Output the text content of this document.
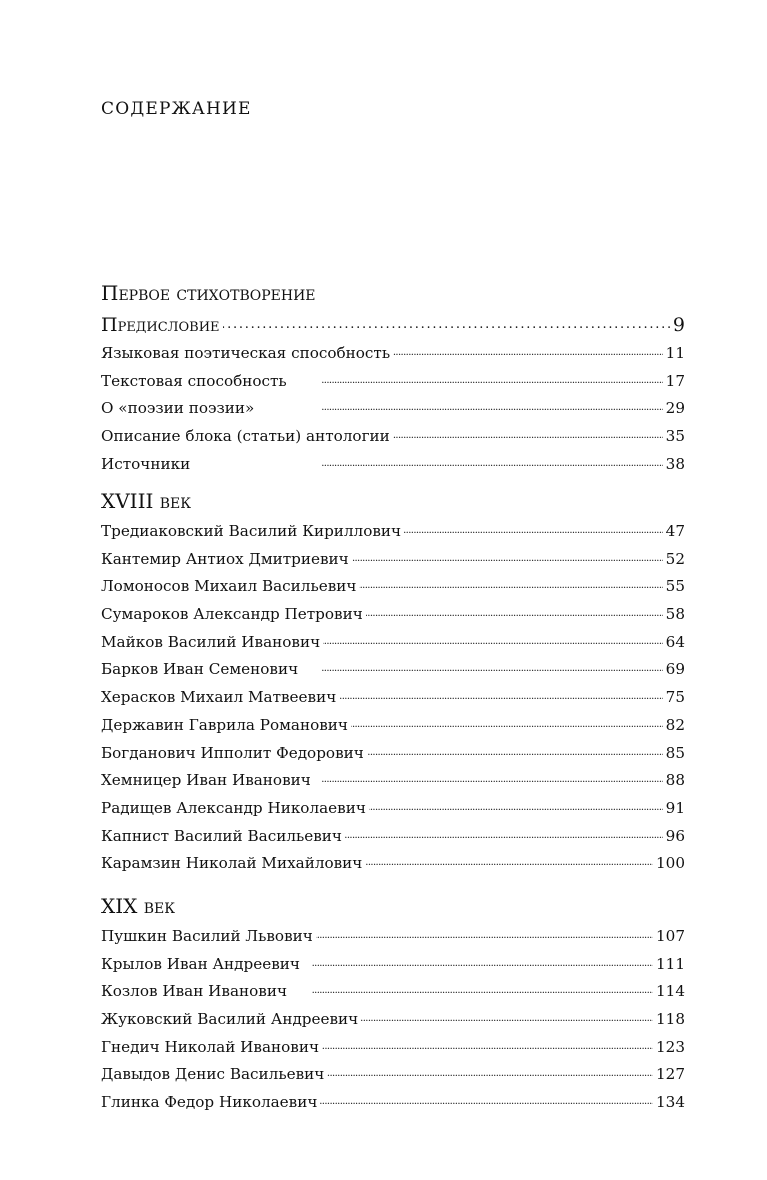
СОДЕРЖАНИЕ
Первое стихотворение
Предисловие . . .	9
Языковая поэтическая способность . . .	11
Текстовая способность . . .	17
О «поэзии поэзии» . . .	29
Описание блока (статьи) антологии . . .	35
Источники . . .	38
XVIII век
Тредиаковский Василий Кириллович . . .	47
Кантемир Антиох Дмитриевич . . .	52
Ломоносов Михаил Васильевич . . .	55
Сумароков Александр Петрович . . .	58
Майков Василий Иванович . . .	64
Барков Иван Семенович . . .	69
Херасков Михаил Матвеевич . . .	75
Державин Гаврила Романович . . .	82
Богданович Ипполит Федорович . . .	85
Хемницер Иван Иванович . . .	88
Радищев Александр Николаевич . . .	91
Капнист Василий Васильевич . . .	96
Карамзин Николай Михайлович . . .	100
XIX век
Пушкин Василий Львович . . .	107
Крылов Иван Андреевич . . .	111
Козлов Иван Иванович . . .	114
Жуковский Василий Андреевич . . .	118
Гнедич Николай Иванович . . .	123
Давыдов Денис Васильевич . . .	127
Глинка Федор Николаевич . . .	134
